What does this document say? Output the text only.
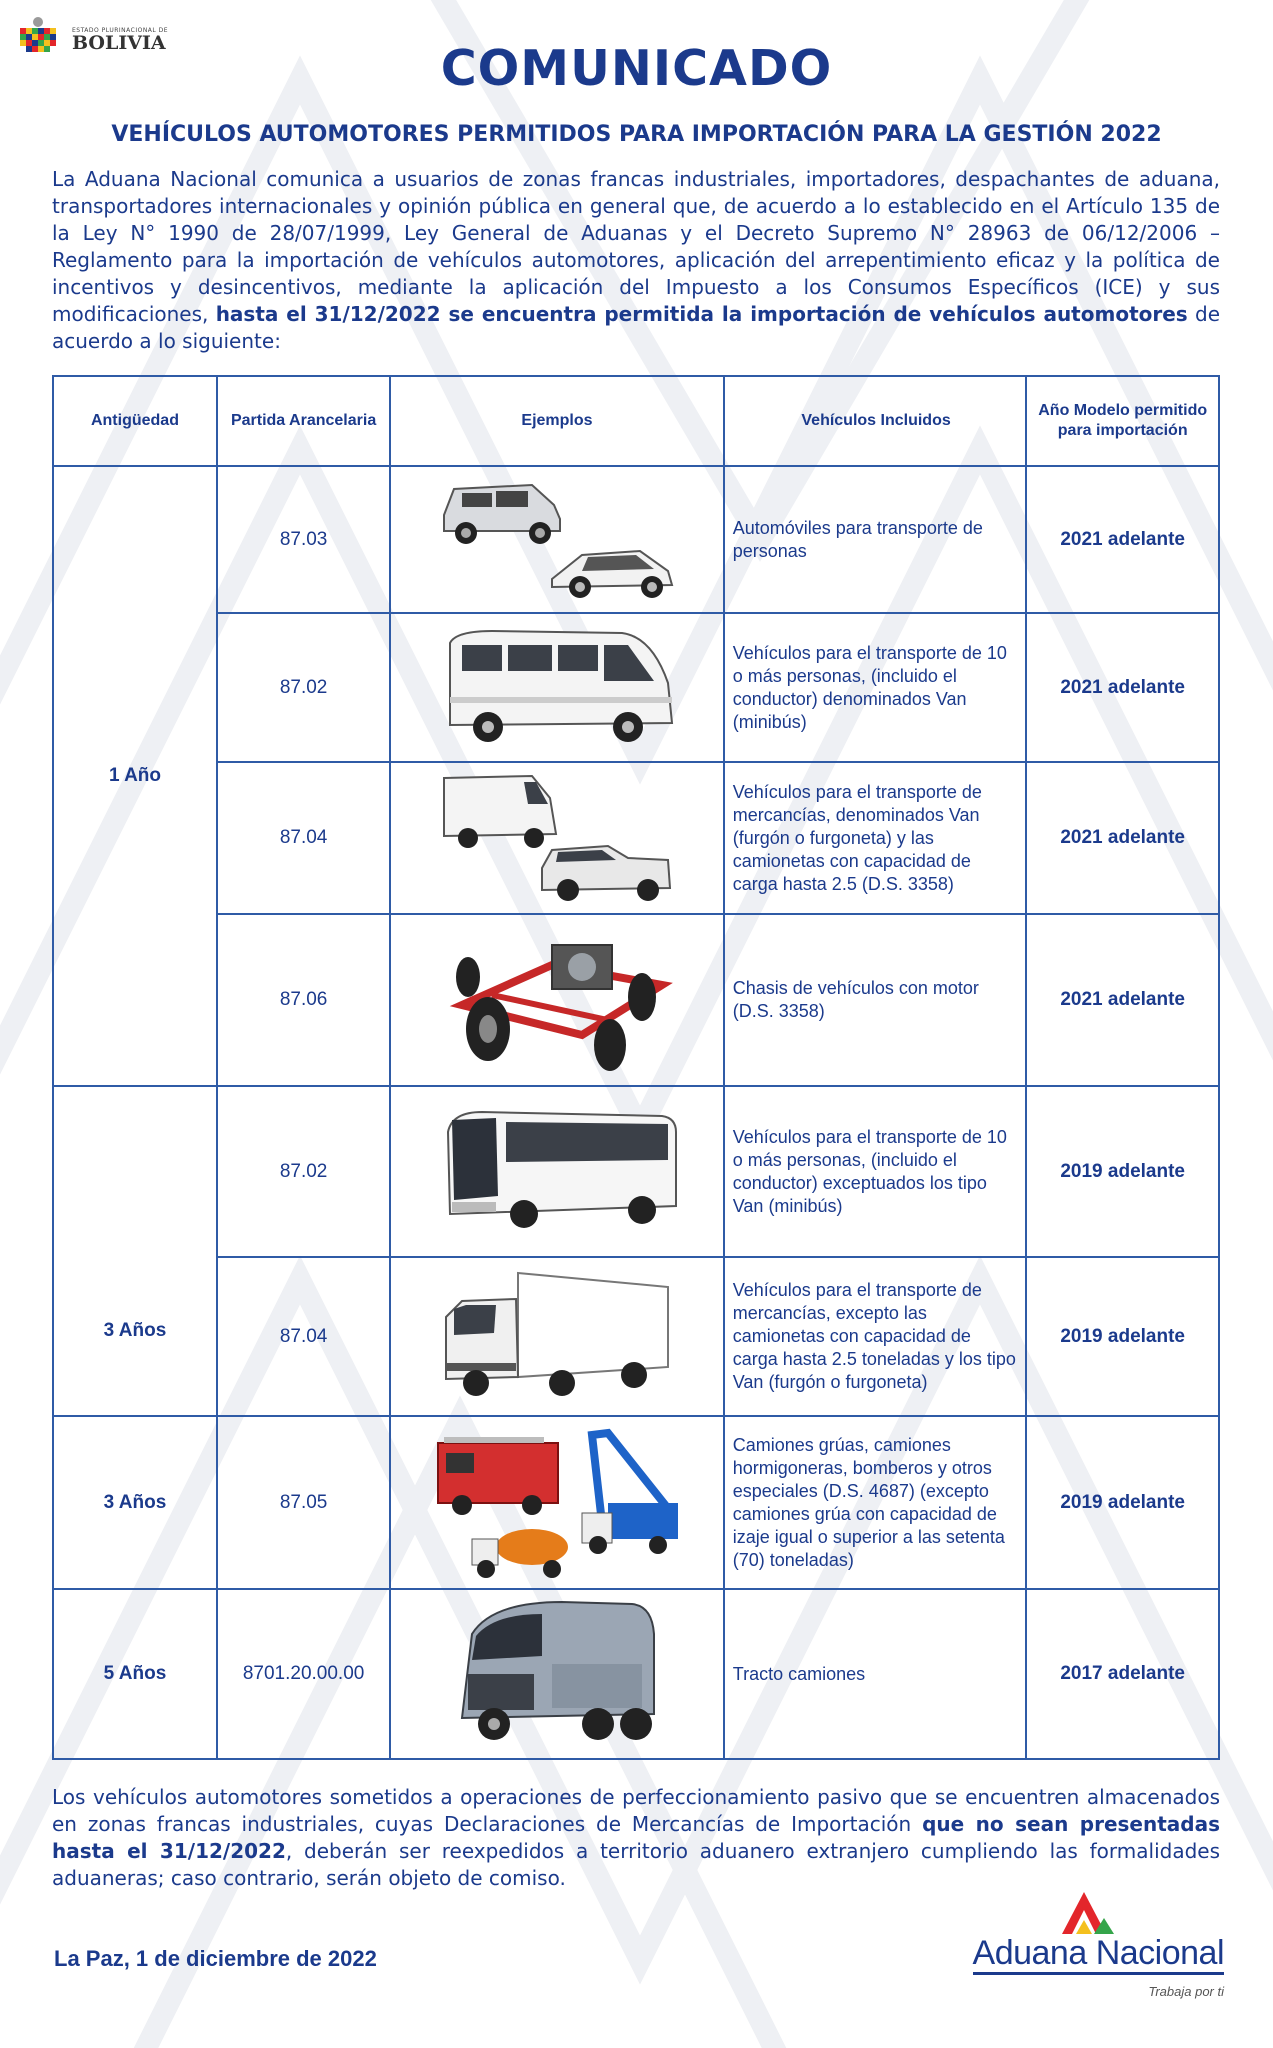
ESTADO PLURINACIONAL DE
BOLIVIA	COMUNICADO
VEHÍCULOS AUTOMOTORES PERMITIDOS PARA IMPORTACIÓN PARA LA GESTIÓN 2022
La Aduana Nacional comunica a usuarios de zonas francas industriales, importadores, despachantes de aduana, transportadores internacionales y opinión pública en general que, de acuerdo a lo establecido en el Artículo 135 de la Ley N° 1990 de 28/07/1999, Ley General de Aduanas y el Decreto Supremo N° 28963 de 06/12/2006 – Reglamento para la importación de vehículos automotores, aplicación del arrepentimiento eficaz y la política de incentivos y desincentivos, mediante la aplicación del Impuesto a los Consumos Específicos (ICE) y sus modificaciones, hasta el 31/12/2022 se encuentra permitida la importación de vehículos automotores de acuerdo a lo siguiente:
Antigüedad	Partida Arancelaria	Ejemplos	Vehículos Incluidos	Año Modelo permitido para importación
1 Año	87.03		Automóviles para transporte de personas	2021 adelante
	87.02		Vehículos para el transporte de 10 o más personas, (incluido el conductor) denominados Van (minibús)	2021 adelante
	87.04		Vehículos para el transporte de mercancías, denominados Van (furgón o furgoneta) y las camionetas con capacidad de carga hasta 2.5 (D.S. 3358)	2021 adelante
	87.06		Chasis de vehículos con motor (D.S. 3358)	2021 adelante
3 Años	87.02		Vehículos para el transporte de 10 o más personas, (incluido el conductor) exceptuados los tipo Van (minibús)	2019 adelante
	87.04		Vehículos para el transporte de mercancías, excepto las camionetas con capacidad de carga hasta 2.5 toneladas y los tipo Van (furgón o furgoneta)	2019 adelante
3 Años	87.05		Camiones grúas, camiones hormigoneras, bomberos y otros especiales (D.S. 4687) (excepto camiones grúa con capacidad de izaje igual o superior a las setenta (70) toneladas)	2019 adelante
5 Años	8701.20.00.00		Tracto camiones	2017 adelante
Los vehículos automotores sometidos a operaciones de perfeccionamiento pasivo que se encuentren almacenados en zonas francas industriales, cuyas Declaraciones de Mercancías de Importación que no sean presentadas hasta el 31/12/2022, deberán ser reexpedidos a territorio aduanero extranjero cumpliendo las formalidades aduaneras; caso contrario, serán objeto de comiso.
La Paz, 1 de diciembre de 2022	Aduana Nacional
Trabaja por ti
